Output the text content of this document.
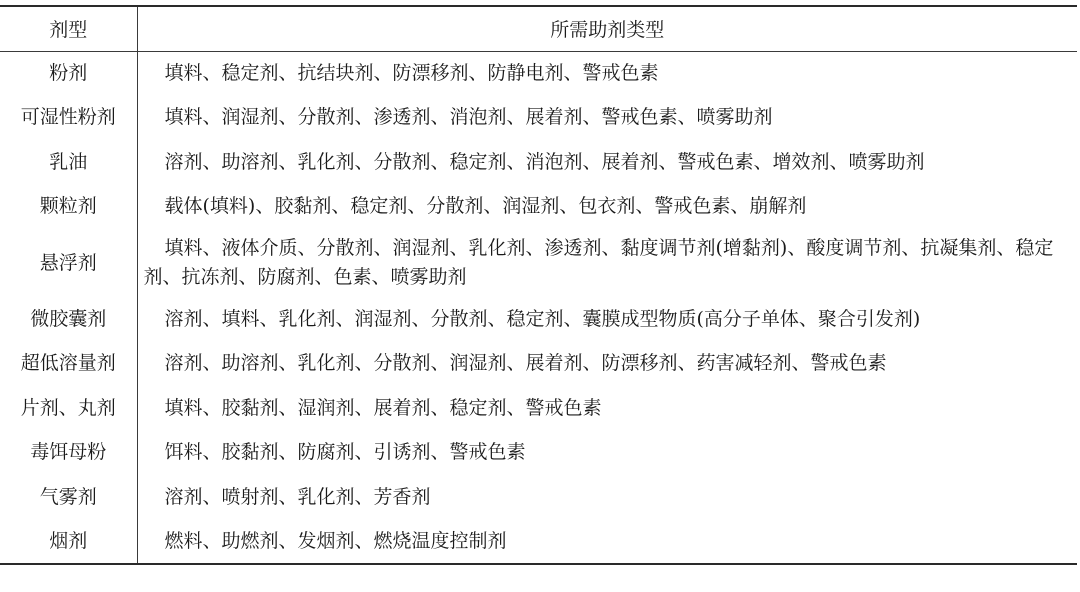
剂型	所需助剂类型
粉剂	填料、稳定剂、抗结块剂、防漂移剂、防静电剂、警戒色素
可湿性粉剂	填料、润湿剂、分散剂、渗透剂、消泡剂、展着剂、警戒色素、喷雾助剂
乳油	溶剂、助溶剂、乳化剂、分散剂、稳定剂、消泡剂、展着剂、警戒色素、增效剂、喷雾助剂
颗粒剂	载体(填料)、胶黏剂、稳定剂、分散剂、润湿剂、包衣剂、警戒色素、崩解剂
悬浮剂	填料、液体介质、分散剂、润湿剂、乳化剂、渗透剂、黏度调节剂(增黏剂)、酸度调节剂、抗凝集剂、稳定剂、抗冻剂、防腐剂、色素、喷雾助剂
微胶囊剂	溶剂、填料、乳化剂、润湿剂、分散剂、稳定剂、囊膜成型物质(高分子单体、聚合引发剂)
超低溶量剂	溶剂、助溶剂、乳化剂、分散剂、润湿剂、展着剂、防漂移剂、药害减轻剂、警戒色素
片剂、丸剂	填料、胶黏剂、湿润剂、展着剂、稳定剂、警戒色素
毒饵母粉	饵料、胶黏剂、防腐剂、引诱剂、警戒色素
气雾剂	溶剂、喷射剂、乳化剂、芳香剂
烟剂	燃料、助燃剂、发烟剂、燃烧温度控制剂
